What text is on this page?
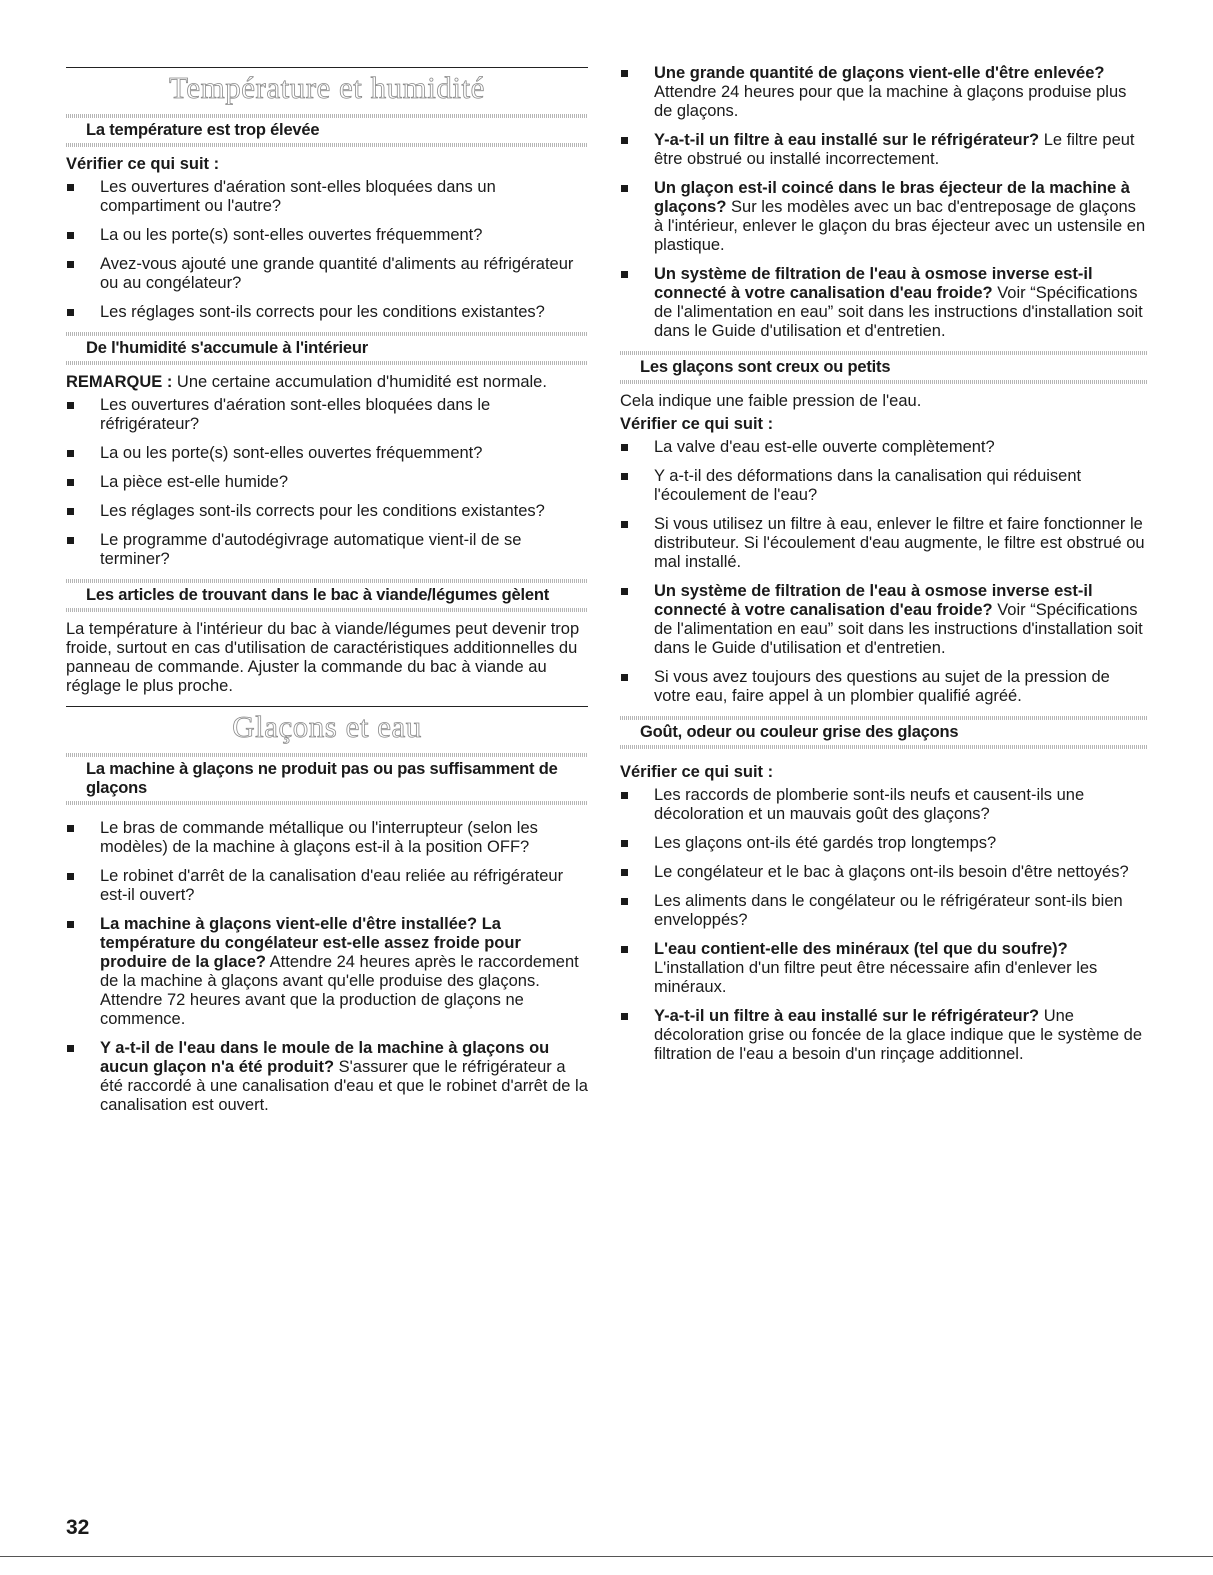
Température et humidité
La température est trop élevée
Vérifier ce qui suit :
Les ouvertures d'aération sont-elles bloquées dans un compartiment ou l'autre?
La ou les porte(s) sont-elles ouvertes fréquemment?
Avez-vous ajouté une grande quantité d'aliments au réfrigérateur ou au congélateur?
Les réglages sont-ils corrects pour les conditions existantes?
De l'humidité s'accumule à l'intérieur

REMARQUE : Une certaine accumulation d'humidité est normale.

Les ouvertures d'aération sont-elles bloquées dans le réfrigérateur?
La ou les porte(s) sont-elles ouvertes fréquemment?
La pièce est-elle humide?
Les réglages sont-ils corrects pour les conditions existantes?
Le programme d'autodégivrage automatique vient-il de se terminer?
Les articles de trouvant dans le bac à viande/légumes gèlent

La température à l'intérieur du bac à viande/légumes peut devenir trop froide, surtout en cas d'utilisation de caractéristiques additionnelles du panneau de commande. Ajuster la commande du bac à viande au réglage le plus proche.

Glaçons et eau
La machine à glaçons ne produit pas ou pas suffisamment de glaçons
Le bras de commande métallique ou l'interrupteur (selon les modèles) de la machine à glaçons est-il à la position OFF?
Le robinet d'arrêt de la canalisation d'eau reliée au réfrigérateur est-il ouvert?
La machine à glaçons vient-elle d'être installée? La température du congélateur est-elle assez froide pour produire de la glace? Attendre 24 heures après le raccordement de la machine à glaçons avant qu'elle produise des glaçons. Attendre 72 heures avant que la production de glaçons ne commence.
Y a-t-il de l'eau dans le moule de la machine à glaçons ou aucun glaçon n'a été produit? S'assurer que le réfrigérateur a été raccordé à une canalisation d'eau et que le robinet d'arrêt de la canalisation est ouvert.
Une grande quantité de glaçons vient-elle d'être enlevée? Attendre 24 heures pour que la machine à glaçons produise plus de glaçons.
Y-a-t-il un filtre à eau installé sur le réfrigérateur? Le filtre peut être obstrué ou installé incorrectement.
Un glaçon est-il coincé dans le bras éjecteur de la machine à glaçons? Sur les modèles avec un bac d'entreposage de glaçons à l'intérieur, enlever le glaçon du bras éjecteur avec un ustensile en plastique.
Un système de filtration de l'eau à osmose inverse est-il connecté à votre canalisation d'eau froide? Voir “Spécifications de l'alimentation en eau” soit dans les instructions d'installation soit dans le Guide d'utilisation et d'entretien.
Les glaçons sont creux ou petits

Cela indique une faible pression de l'eau.

Vérifier ce qui suit :
La valve d'eau est-elle ouverte complètement?
Y a-t-il des déformations dans la canalisation qui réduisent l'écoulement de l'eau?
Si vous utilisez un filtre à eau, enlever le filtre et faire fonctionner le distributeur. Si l'écoulement d'eau augmente, le filtre est obstrué ou mal installé.
Un système de filtration de l'eau à osmose inverse est-il connecté à votre canalisation d'eau froide? Voir “Spécifications de l'alimentation en eau” soit dans les instructions d'installation soit dans le Guide d'utilisation et d'entretien.
Si vous avez toujours des questions au sujet de la pression de votre eau, faire appel à un plombier qualifié agréé.
Goût, odeur ou couleur grise des glaçons
Vérifier ce qui suit :
Les raccords de plomberie sont-ils neufs et causent-ils une décoloration et un mauvais goût des glaçons?
Les glaçons ont-ils été gardés trop longtemps?
Le congélateur et le bac à glaçons ont-ils besoin d'être nettoyés?
Les aliments dans le congélateur ou le réfrigérateur sont-ils bien enveloppés?
L'eau contient-elle des minéraux (tel que du soufre)? L'installation d'un filtre peut être nécessaire afin d'enlever les minéraux.
Y-a-t-il un filtre à eau installé sur le réfrigérateur? Une décoloration grise ou foncée de la glace indique que le système de filtration de l'eau a besoin d'un rinçage additionnel.
32
